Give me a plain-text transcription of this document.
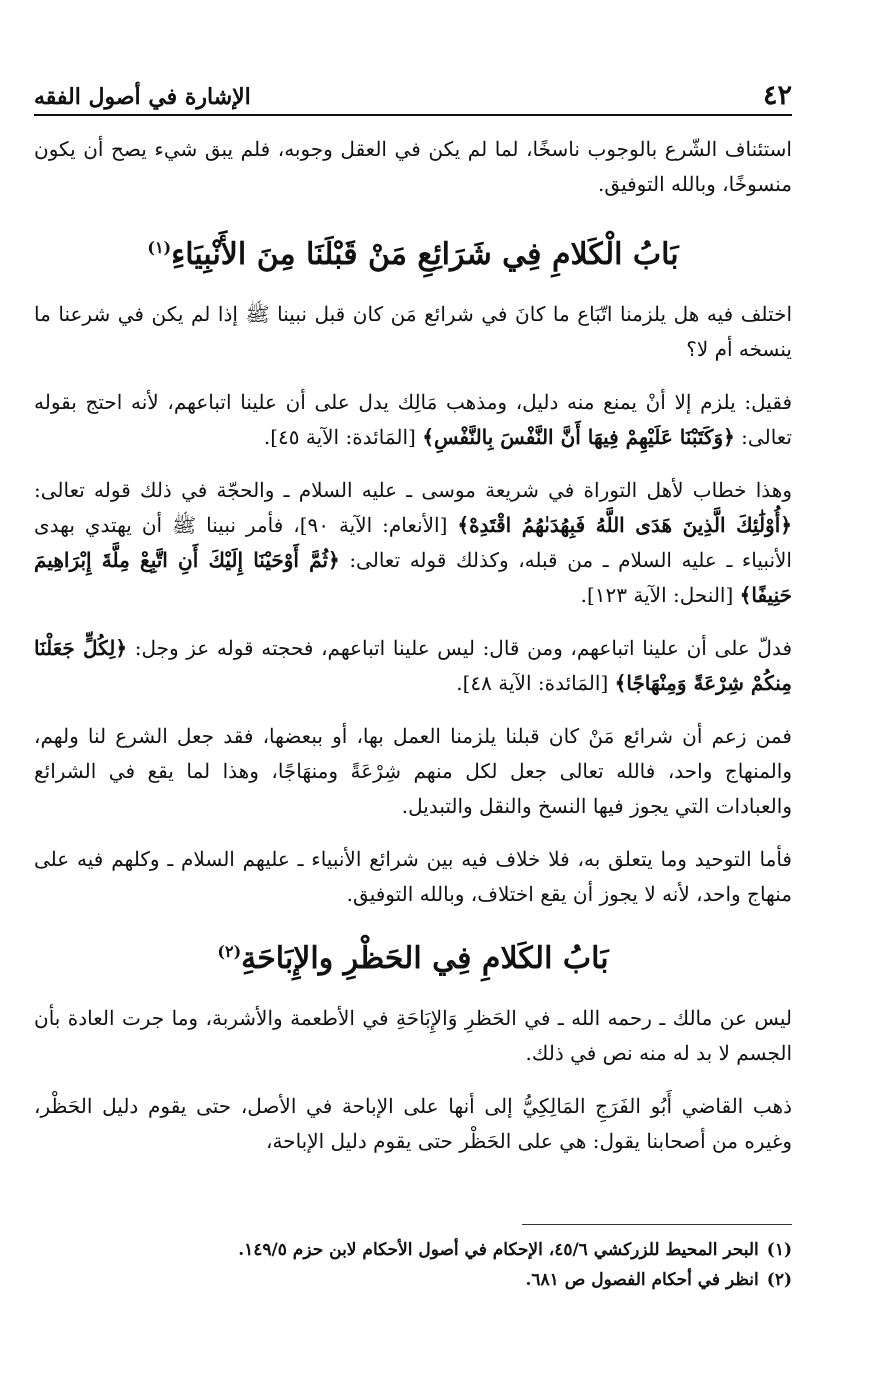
٤٢
الإشارة في أصول الفقه

استئناف الشّرع بالوجوب ناسخًا، لما لم يكن في العقل وجوبه، فلم يبق شيء يصح أن يكون منسوخًا، وبالله التوفيق.

بَابُ الْكَلامِ فِي شَرَائِعِ مَنْ قَبْلَنَا مِنَ الأَنْبِيَاءِ$^{(١)}$

اختلف فيه هل يلزمنا اتّبَاع ما كانَ في شرائع مَن كان قبل نبينا ﷺ إذا لم يكن في شرعنا ما ينسخه أم لا؟

فقيل: يلزم إلا أنْ يمنع منه دليل، ومذهب مَالِك يدل على أن علينا اتباعهم، لأنه احتج بقوله تعالى: ﴿وَكَتَبْنَا عَلَيْهِمْ فِيهَا أَنَّ النَّفْسَ بِالنَّفْسِ﴾ [المَائدة: الآية ٤٥].

وهذا خطاب لأهل التوراة في شريعة موسى ـ عليه السلام ـ والحجّة في ذلك قوله تعالى: ﴿أُوْلَٰئِكَ الَّذِينَ هَدَى اللَّهُ فَبِهُدَىٰهُمُ اقْتَدِهْ﴾ [الأنعام: الآية ٩٠]، فأمر نبينا ﷺ أن يهتدي بهدى الأنبياء ـ عليه السلام ـ من قبله، وكذلك قوله تعالى: ﴿ثُمَّ أَوْحَيْنَا إِلَيْكَ أَنِ اتَّبِعْ مِلَّةَ إِبْرَاهِيمَ حَنِيفًا﴾ [النحل: الآية ١٢٣].

فدلّ على أن علينا اتباعهم، ومن قال: ليس علينا اتباعهم، فحجته قوله عز وجل: ﴿لِكُلٍّ جَعَلْنَا مِنكُمْ شِرْعَةً وَمِنْهَاجًا﴾ [المَائدة: الآية ٤٨].

فمن زعم أن شرائع مَنْ كان قبلنا يلزمنا العمل بها، أو ببعضها، فقد جعل الشرع لنا ولهم، والمنهاج واحد، فالله تعالى جعل لكل منهم شِرْعَةً ومنهَاجًا، وهذا لما يقع في الشرائع والعبادات التي يجوز فيها النسخ والنقل والتبديل.

فأما التوحيد وما يتعلق به، فلا خلاف فيه بين شرائع الأنبياء ـ عليهم السلام ـ وكلهم فيه على منهاج واحد، لأنه لا يجوز أن يقع اختلاف، وبالله التوفيق.

بَابُ الكَلامِ فِي الحَظْرِ والإِبَاحَةِ$^{(٢)}$

ليس عن مالك ـ رحمه الله ـ في الحَظرِ وَالإِبَاحَةِ في الأطعمة والأشربة، وما جرت العادة بأن الجسم لا بد له منه نص في ذلك.

ذهب القاضي أَبُو الفَرَجِ المَالِكِيُّ إلى أنها على الإباحة في الأصل، حتى يقوم دليل الحَظْر، وغيره من أصحابنا يقول: هي على الحَظْر حتى يقوم دليل الإباحة،

(١)البحر المحيط للزركشي ٤٥/٦، الإحكام في أصول الأحكام لابن حزم ١٤٩/٥.

(٢)انظر في أحكام الفصول ص ٦٨١.
